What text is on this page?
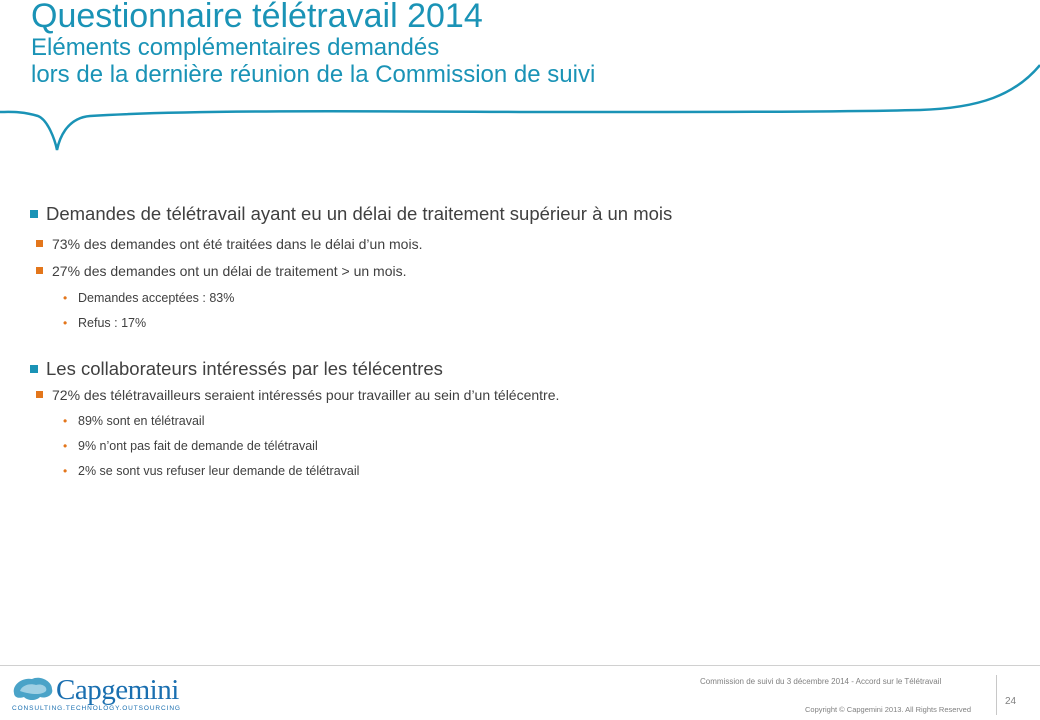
Questionnaire télétravail 2014
Eléments complémentaires demandés
lors de la dernière réunion de la Commission de suivi
Demandes de télétravail ayant eu un délai de traitement supérieur à un mois
73% des demandes ont été traitées dans le délai d’un mois.
27% des demandes ont un délai de traitement > un mois.
• Demandes acceptées : 83%
• Refus : 17%
Les collaborateurs intéressés par les télécentres
72% des télétravailleurs seraient intéressés pour travailler au sein d’un télécentre.
• 89% sont en télétravail
• 9% n’ont pas fait de demande de télétravail
• 2% se sont vus refuser leur demande de télétravail
Capgemini
CONSULTING.TECHNOLOGY.OUTSOURCING
Commission de suivi du 3 décembre 2014 - Accord sur le Télétravail
Copyright © Capgemini 2013. All Rights Reserved
24
